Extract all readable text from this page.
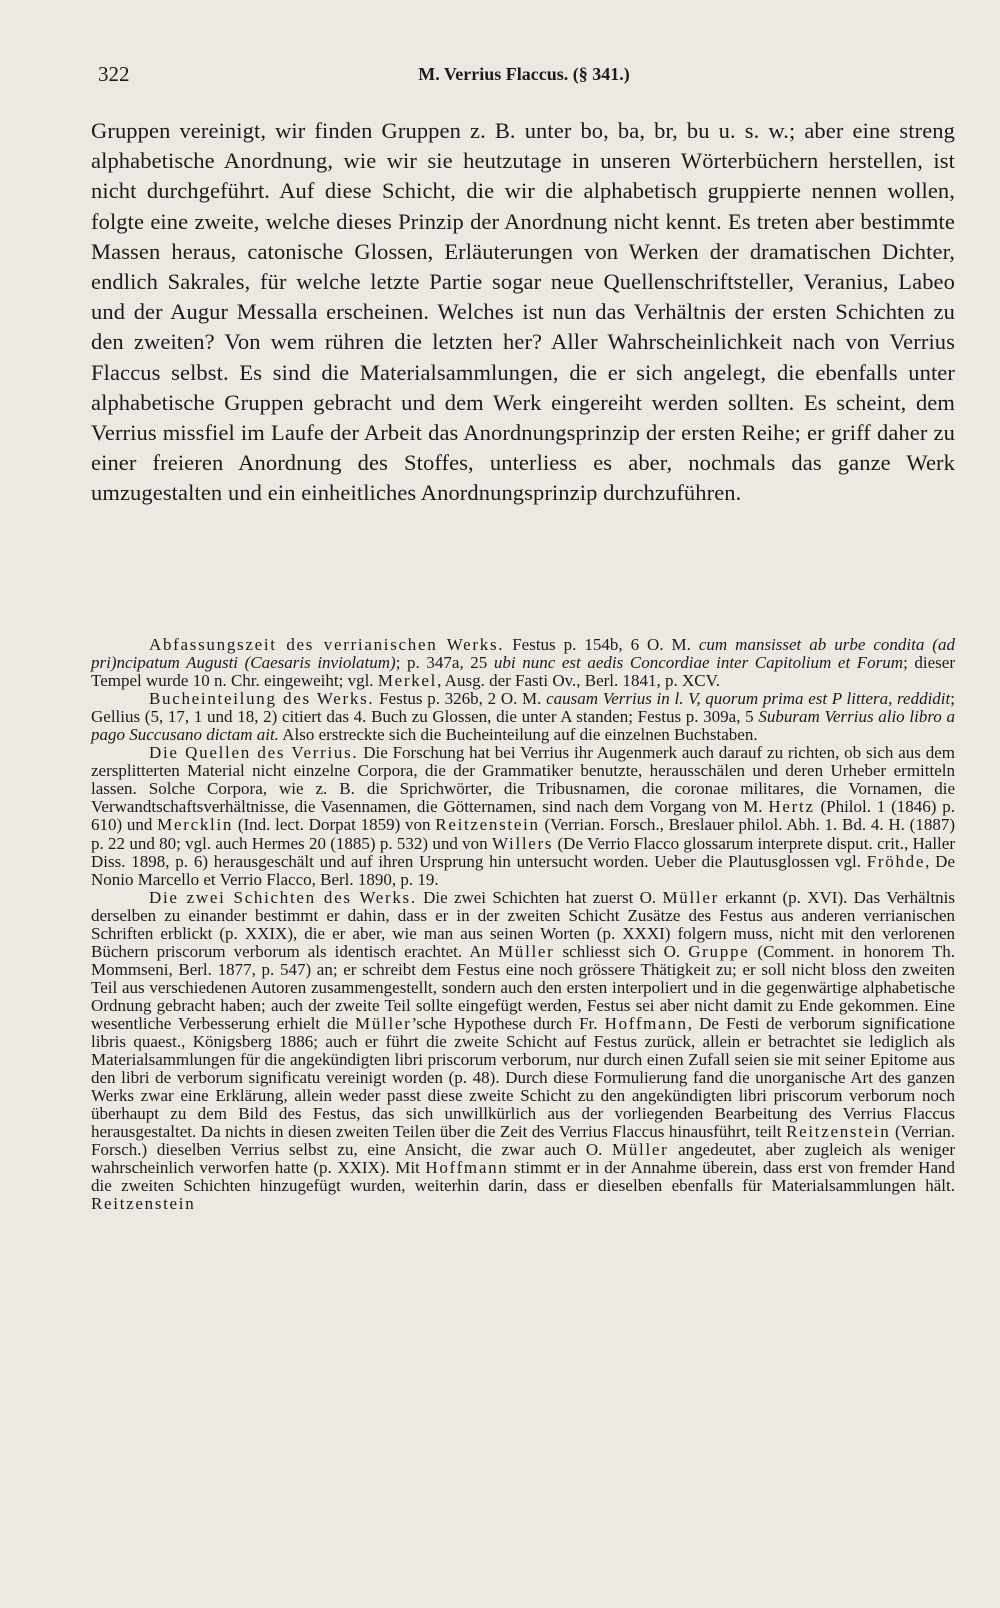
322	M. Verrius Flaccus. (§ 341.)

Gruppen vereinigt, wir finden Gruppen z. B. unter bo, ba, br, bu u. s. w.; aber eine streng alphabetische Anordnung, wie wir sie heutzutage in unseren Wörterbüchern herstellen, ist nicht durchgeführt. Auf diese Schicht, die wir die alphabetisch gruppierte nennen wollen, folgte eine zweite, welche dieses Prinzip der Anordnung nicht kennt. Es treten aber bestimmte Massen heraus, catonische Glossen, Erläuterungen von Werken der dramatischen Dichter, endlich Sakrales, für welche letzte Partie sogar neue Quellenschriftsteller, Veranius, Labeo und der Augur Messalla erscheinen. Welches ist nun das Verhältnis der ersten Schichten zu den zweiten? Von wem rühren die letzten her? Aller Wahrscheinlichkeit nach von Verrius Flaccus selbst. Es sind die Materialsammlungen, die er sich angelegt, die ebenfalls unter alphabetische Gruppen gebracht und dem Werk eingereiht werden sollten. Es scheint, dem Verrius missfiel im Laufe der Arbeit das Anordnungsprinzip der ersten Reihe; er griff daher zu einer freieren Anordnung des Stoffes, unterliess es aber, nochmals das ganze Werk umzugestalten und ein einheitliches Anordnungsprinzip durchzuführen.

Abfassungszeit des verrianischen Werks. Festus p. 154b, 6 O. M. cum mansisset ab urbe condita (ad pri)ncipatum Augusti (Caesaris inviolatum); p. 347a, 25 ubi nunc est aedis Concordiae inter Capitolium et Forum; dieser Tempel wurde 10 n. Chr. eingeweiht; vgl. Merkel, Ausg. der Fasti Ov., Berl. 1841, p. XCV.

Bucheinteilung des Werks. Festus p. 326b, 2 O. M. causam Verrius in l. V, quorum prima est P littera, reddidit; Gellius (5, 17, 1 und 18, 2) citiert das 4. Buch zu Glossen, die unter A standen; Festus p. 309a, 5 Suburam Verrius alio libro a pago Succusano dictam ait. Also erstreckte sich die Bucheinteilung auf die einzelnen Buchstaben.

Die Quellen des Verrius. Die Forschung hat bei Verrius ihr Augenmerk auch darauf zu richten, ob sich aus dem zersplitterten Material nicht einzelne Corpora, die der Grammatiker benutzte, herausschälen und deren Urheber ermitteln lassen. Solche Corpora, wie z. B. die Sprichwörter, die Tribusnamen, die coronae militares, die Vornamen, die Verwandtschaftsverhältnisse, die Vasennamen, die Götternamen, sind nach dem Vorgang von M. Hertz (Philol. 1 (1846) p. 610) und Mercklin (Ind. lect. Dorpat 1859) von Reitzenstein (Verrian. Forsch., Breslauer philol. Abh. 1. Bd. 4. H. (1887) p. 22 und 80; vgl. auch Hermes 20 (1885) p. 532) und von Willers (De Verrio Flacco glossarum interprete disput. crit., Haller Diss. 1898, p. 6) herausgeschält und auf ihren Ursprung hin untersucht worden. Ueber die Plautusglossen vgl. Fröhde, De Nonio Marcello et Verrio Flacco, Berl. 1890, p. 19.

Die zwei Schichten des Werks. Die zwei Schichten hat zuerst O. Müller erkannt (p. XVI). Das Verhältnis derselben zu einander bestimmt er dahin, dass er in der zweiten Schicht Zusätze des Festus aus anderen verrianischen Schriften erblickt (p. XXIX), die er aber, wie man aus seinen Worten (p. XXXI) folgern muss, nicht mit den verlorenen Büchern priscorum verborum als identisch erachtet. An Müller schliesst sich O. Gruppe (Comment. in honorem Th. Mommseni, Berl. 1877, p. 547) an; er schreibt dem Festus eine noch grössere Thätigkeit zu; er soll nicht bloss den zweiten Teil aus verschiedenen Autoren zusammengestellt, sondern auch den ersten interpoliert und in die gegenwärtige alphabetische Ordnung gebracht haben; auch der zweite Teil sollte eingefügt werden, Festus sei aber nicht damit zu Ende gekommen. Eine wesentliche Verbesserung erhielt die Müller’sche Hypothese durch Fr. Hoffmann, De Festi de verborum significatione libris quaest., Königsberg 1886; auch er führt die zweite Schicht auf Festus zurück, allein er betrachtet sie lediglich als Materialsammlungen für die angekündigten libri priscorum verborum, nur durch einen Zufall seien sie mit seiner Epitome aus den libri de verborum significatu vereinigt worden (p. 48). Durch diese Formulierung fand die unorganische Art des ganzen Werks zwar eine Erklärung, allein weder passt diese zweite Schicht zu den angekündigten libri priscorum verborum noch überhaupt zu dem Bild des Festus, das sich unwillkürlich aus der vorliegenden Bearbeitung des Verrius Flaccus herausgestaltet. Da nichts in diesen zweiten Teilen über die Zeit des Verrius Flaccus hinausführt, teilt Reitzenstein (Verrian. Forsch.) dieselben Verrius selbst zu, eine Ansicht, die zwar auch O. Müller angedeutet, aber zugleich als weniger wahrscheinlich verworfen hatte (p. XXIX). Mit Hoffmann stimmt er in der Annahme überein, dass erst von fremder Hand die zweiten Schichten hinzugefügt wurden, weiterhin darin, dass er dieselben ebenfalls für Materialsammlungen hält. Reitzenstein
